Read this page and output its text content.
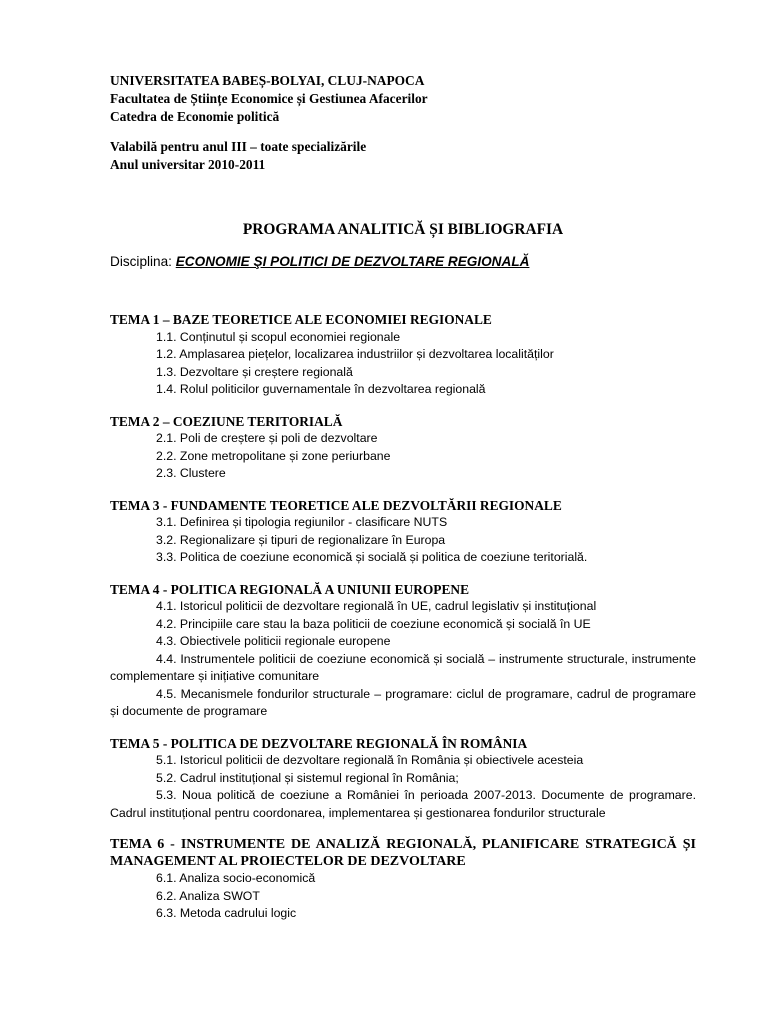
UNIVERSITATEA BABEȘ-BOLYAI, CLUJ-NAPOCA
Facultatea de Științe Economice și Gestiunea Afacerilor
Catedra de Economie politică
Valabilă pentru anul III – toate specializările
Anul universitar 2010-2011
PROGRAMA ANALITICĂ ȘI BIBLIOGRAFIA
Disciplina: ECONOMIE ŞI POLITICI DE DEZVOLTARE REGIONALĂ
TEMA 1 – BAZE TEORETICE ALE ECONOMIEI REGIONALE
1.1. Conținutul și scopul economiei regionale
1.2. Amplasarea piețelor, localizarea industriilor și dezvoltarea localităților
1.3. Dezvoltare și creștere regională
1.4. Rolul politicilor guvernamentale în dezvoltarea regională
TEMA 2 – COEZIUNE TERITORIALĂ
2.1. Poli de creștere și poli de dezvoltare
2.2. Zone metropolitane și zone periurbane
2.3. Clustere
TEMA 3 - FUNDAMENTE TEORETICE ALE DEZVOLTĂRII REGIONALE
3.1. Definirea și tipologia regiunilor - clasificare NUTS
3.2. Regionalizare și tipuri de regionalizare în Europa
3.3. Politica de coeziune economică și socială și politica de coeziune teritorială.
TEMA 4 - POLITICA REGIONALĂ A UNIUNII EUROPENE
4.1. Istoricul politicii de dezvoltare regională în UE, cadrul legislativ și instituțional
4.2. Principiile care stau la baza politicii de coeziune economică și socială în UE
4.3. Obiectivele politicii regionale europene
4.4. Instrumentele politicii de coeziune economică și socială – instrumente structurale, instrumente complementare și inițiative comunitare
4.5. Mecanismele fondurilor structurale – programare: ciclul de programare, cadrul de programare și documente de programare
TEMA 5 - POLITICA DE DEZVOLTARE REGIONALĂ ÎN ROMÂNIA
5.1. Istoricul politicii de dezvoltare regională în România și obiectivele acesteia
5.2. Cadrul instituțional și sistemul regional în România;
5.3. Noua politică de coeziune a României în perioada 2007-2013. Documente de programare. Cadrul instituțional pentru coordonarea, implementarea și gestionarea fondurilor structurale
TEMA 6 - INSTRUMENTE DE ANALIZĂ REGIONALĂ, PLANIFICARE STRATEGICĂ ȘI MANAGEMENT AL PROIECTELOR DE DEZVOLTARE
6.1. Analiza socio-economică
6.2. Analiza SWOT
6.3. Metoda cadrului logic
